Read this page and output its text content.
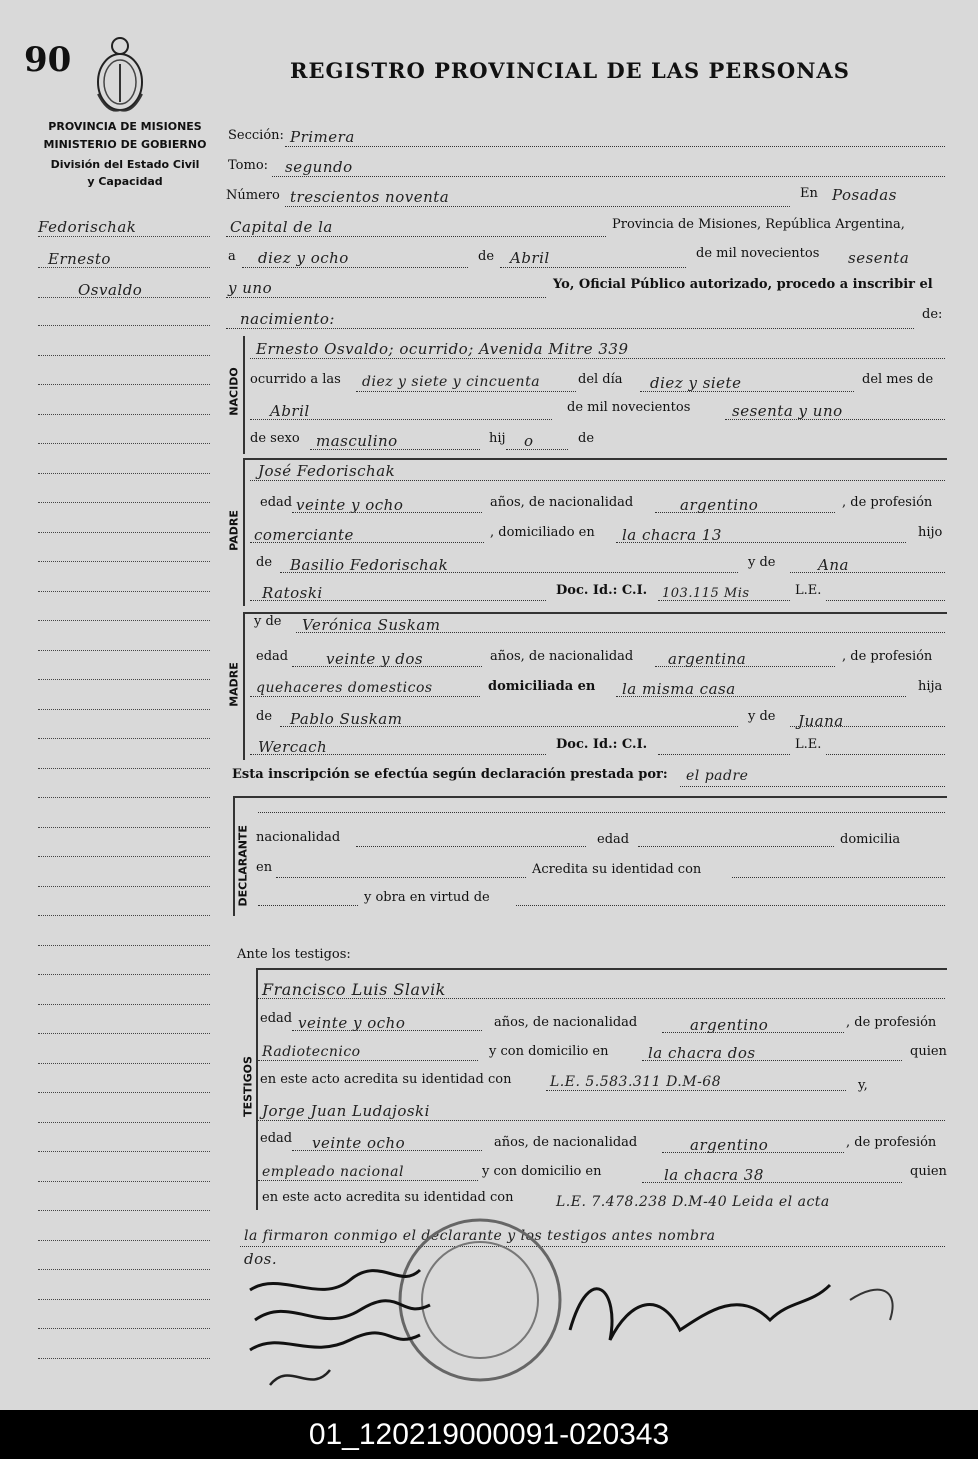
90	REGISTRO PROVINCIAL DE LAS PERSONAS
PROVINCIA DE MISIONES
MINISTERIO DE GOBIERNO
División del Estado Civil
y Capacidad
Fedorischak
Ernesto
Osvaldo
Sección: Primera
Tomo: segundo
Número trescientos noventa	En Posadas
Capital de la	Provincia de Misiones, República Argentina,
a diez y ocho	de Abril	de mil novecientos sesenta
y uno	Yo, Oficial Público autorizado, procedo a inscribir el
nacimiento:	de:
NACIDO
Ernesto Osvaldo; ocurrido; Avenida Mitre 339
ocurrido a las diez y siete y cincuenta	del día diez y siete	del mes de
Abril	de mil novecientos	sesenta y uno
de sexo masculino	hij o	de
PADRE
José Fedorischak
edad veinte y ocho	años, de nacionalidad	argentino	, de profesión
comerciante	, domiciliado en la chacra 13	hijo
de Basilio Fedorischak	y de	Ana
Ratoski	Doc. Id.: C.I. 103.115 Mis	L.E.
MADRE
y de Verónica Suskam
edad	veinte y dos	años, de nacionalidad argentina	, de profesión
quehaceres domesticos	domiciliada en la misma casa	hija
de Pablo Suskam	y de Juana
Wercach	Doc. Id.: C.I.	L.E.
Esta inscripción se efectúa según declaración prestada por: el padre
DECLARANTE nacionalidad	edad	domicilia
en	Acredita su identidad con
y obra en virtud de
Ante los testigos:
TESTIGOS
Francisco Luis Slavik
edad veinte y ocho	años, de nacionalidad	argentino	, de profesión
Radiotecnico	y con domicilio en	la chacra dos	quien
en este acto acredita su identidad con	L.E. 5.583.311 D.M-68	y,
Jorge Juan Ludajoski
edad veinte ocho	años, de nacionalidad	argentino	, de profesión
empleado nacional	y con domicilio en	la chacra 38	quien
en este acto acredita su identidad con	L.E. 7.478.238 D.M-40 Leida el acta
la firmaron conmigo el declarante y los testigos antes nombra
dos.
01_120219000091-020343
